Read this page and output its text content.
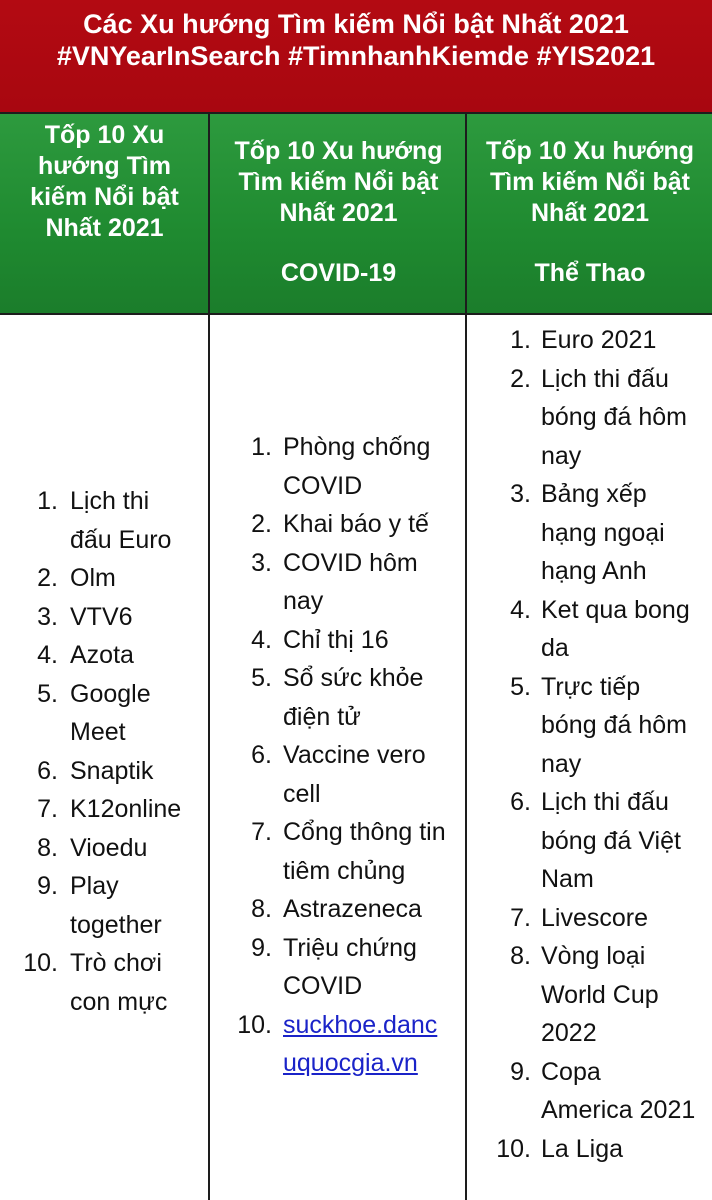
Các Xu hướng Tìm kiếm Nổi bật Nhất 2021
#VNYearInSearch #TimnhanhKiemde #YIS2021
Tốp 10 Xu
hướng Tìm
kiếm Nổi bật
Nhất 2021
Tốp 10 Xu hướng
Tìm kiếm Nổi bật
Nhất 2021
COVID-19
Tốp 10 Xu hướng
Tìm kiếm Nổi bật
Nhất 2021
Thể Thao
1. Lịch thi
đấu Euro
2. Olm
3. VTV6
4. Azota
5. Google
Meet
6. Snaptik
7. K12online
8. Vioedu
9. Play
together
10. Trò chơi
con mực
1. Phòng chống
COVID
2. Khai báo y tế
3. COVID hôm
nay
4. Chỉ thị 16
5. Sổ sức khỏe
điện tử
6. Vaccine vero
cell
7. Cổng thông tin
tiêm chủng
8. Astrazeneca
9. Triệu chứng
COVID
10. suckhoe.danc
uquocgia.vn
1. Euro 2021
2. Lịch thi đấu
bóng đá hôm
nay
3. Bảng xếp
hạng ngoại
hạng Anh
4. Ket qua bong
da
5. Trực tiếp
bóng đá hôm
nay
6. Lịch thi đấu
bóng đá Việt
Nam
7. Livescore
8. Vòng loại
World Cup
2022
9. Copa
America 2021
10. La Liga
